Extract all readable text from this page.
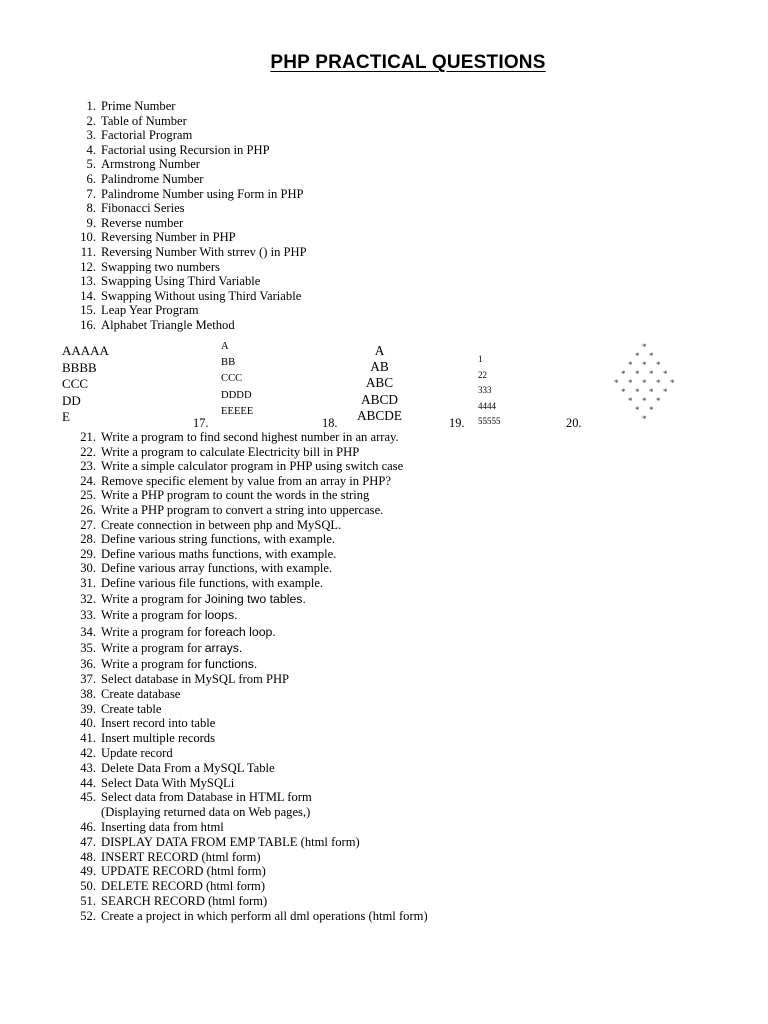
PHP PRACTICAL QUESTIONS
1. Prime Number
2. Table of Number
3. Factorial Program
4. Factorial using Recursion in PHP
5. Armstrong Number
6. Palindrome Number
7. Palindrome Number using Form in PHP
8. Fibonacci Series
9. Reverse number
10. Reversing Number in PHP
11. Reversing Number With strrev () in PHP
12. Swapping two numbers
13. Swapping Using Third Variable
14. Swapping Without using Third Variable
15. Leap Year Program
16. Alphabet Triangle Method
AAAAA
BBBB
CCC
DD
E	17.
A
BB
CCC
DDDD
EEEEE
18.
A
AB
ABC
ABCD
ABCDE
19.
1
22
333
4444
55555	20.
*
* *
* * *
* * * *
* * * * *
* * * *
* * *
* *
*
21. Write a program to find second highest number in an array.
22. Write a program to calculate Electricity bill in PHP
23. Write a simple calculator program in PHP using switch case
24. Remove specific element by value from an array in PHP?
25. Write a PHP program to count the words in the string
26. Write a PHP program to convert a string into uppercase.
27. Create connection in between php and MySQL.
28. Define various string functions, with example.
29. Define various maths functions, with example.
30. Define various array functions, with example.
31. Define various file functions, with example.
32. Write a program for Joining two tables.
33. Write a program for loops.
34. Write a program for foreach loop.
35. Write a program for arrays.
36. Write a program for functions.
37. Select database in MySQL from PHP
38. Create database
39. Create table
40. Insert record into table
41. Insert multiple records
42. Update record
43. Delete Data From a MySQL Table
44. Select Data With MySQLi
45. Select data from Database in HTML form
(Displaying returned data on Web pages,)
46. Inserting data from html
47. DISPLAY DATA FROM EMP TABLE (html form)
48. INSERT RECORD (html form)
49. UPDATE RECORD (html form)
50. DELETE RECORD (html form)
51. SEARCH RECORD (html form)
52. Create a project in which perform all dml operations (html form)
